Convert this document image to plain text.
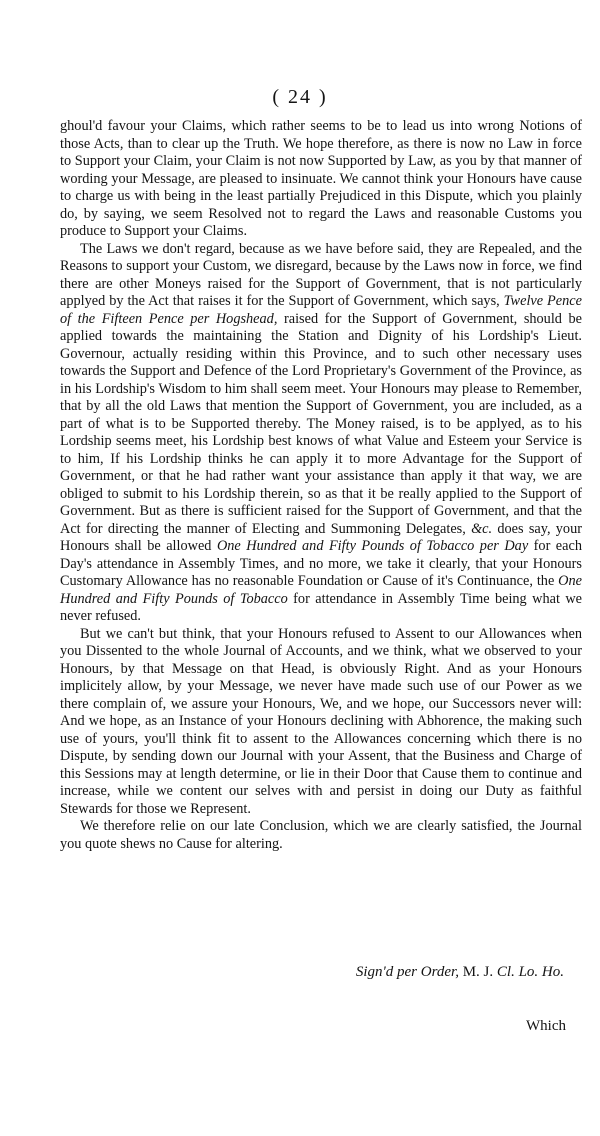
( 24 )

ghoul'd favour your Claims, which rather seems to be to lead us into wrong Notions of those Acts, than to clear up the Truth. We hope therefore, as there is now no Law in force to Support your Claim, your Claim is not now Supported by Law, as you by that manner of wording your Message, are pleased to insinuate. We cannot think your Honours have cause to charge us with being in the least partially Prejudiced in this Dispute, which you plainly do, by saying, we seem Resolved not to regard the Laws and reasonable Customs you produce to Support your Claims.

The Laws we don't regard, because as we have before said, they are Repealed, and the Reasons to support your Custom, we disregard, because by the Laws now in force, we find there are other Moneys raised for the Support of Government, that is not particularly applyed by the Act that raises it for the Support of Government, which says, Twelve Pence of the Fifteen Pence per Hogshead, raised for the Support of Government, should be applied towards the maintaining the Station and Dignity of his Lordship's Lieut. Governour, actually residing within this Province, and to such other necessary uses towards the Support and Defence of the Lord Proprietary's Government of the Province, as in his Lordship's Wisdom to him shall seem meet. Your Honours may please to Remember, that by all the old Laws that mention the Support of Government, you are included, as a part of what is to be Supported thereby. The Money raised, is to be applyed, as to his Lordship seems meet, his Lordship best knows of what Value and Esteem your Service is to him, If his Lordship thinks he can apply it to more Advantage for the Support of Government, or that he had rather want your assistance than apply it that way, we are obliged to submit to his Lordship therein, so as that it be really applied to the Support of Government. But as there is sufficient raised for the Support of Government, and that the Act for directing the manner of Electing and Summoning Delegates, &c. does say, your Honours shall be allowed One Hundred and Fifty Pounds of Tobacco per Day for each Day's attendance in Assembly Times, and no more, we take it clearly, that your Honours Customary Allowance has no reasonable Foundation or Cause of it's Continuance, the One Hundred and Fifty Pounds of Tobacco for attendance in Assembly Time being what we never refused.

But we can't but think, that your Honours refused to Assent to our Allowances when you Dissented to the whole Journal of Accounts, and we think, what we observed to your Honours, by that Message on that Head, is obviously Right. And as your Honours implicitely allow, by your Message, we never have made such use of our Power as we there complain of, we assure your Honours, We, and we hope, our Successors never will: And we hope, as an Instance of your Honours declining with Abhorence, the making such use of yours, you'll think fit to assent to the Allowances concerning which there is no Dispute, by sending down our Journal with your Assent, that the Business and Charge of this Sessions may at length determine, or lie in their Door that Cause them to continue and increase, while we content our selves with and persist in doing our Duty as faithful Stewards for those we Represent.

We therefore relie on our late Conclusion, which we are clearly satisfied, the Journal you quote shews no Cause for altering.

Sign'd per Order, M. J. Cl. Lo. Ho.
Which
